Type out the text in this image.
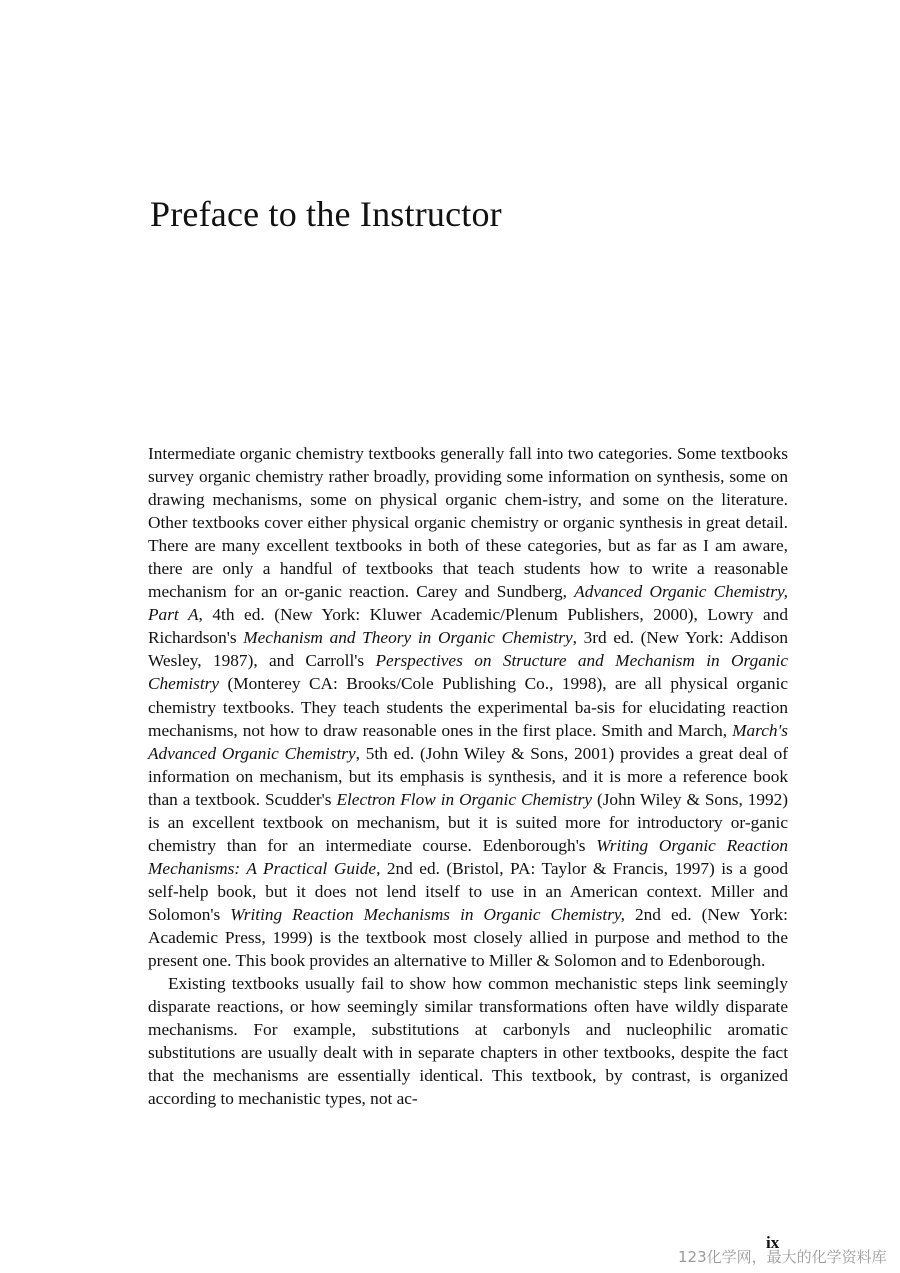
Preface to the Instructor

Intermediate organic chemistry textbooks generally fall into two categories. Some textbooks survey organic chemistry rather broadly, providing some information on synthesis, some on drawing mechanisms, some on physical organic chem-istry, and some on the literature. Other textbooks cover either physical organic chemistry or organic synthesis in great detail. There are many excellent textbooks in both of these categories, but as far as I am aware, there are only a handful of textbooks that teach students how to write a reasonable mechanism for an or-ganic reaction. Carey and Sundberg, Advanced Organic Chemistry, Part A, 4th ed. (New York: Kluwer Academic/Plenum Publishers, 2000), Lowry and Richardson's Mechanism and Theory in Organic Chemistry, 3rd ed. (New York: Addison Wesley, 1987), and Carroll's Perspectives on Structure and Mechanism in Organic Chemistry (Monterey CA: Brooks/Cole Publishing Co., 1998), are all physical organic chemistry textbooks. They teach students the experimental ba-sis for elucidating reaction mechanisms, not how to draw reasonable ones in the first place. Smith and March, March's Advanced Organic Chemistry, 5th ed. (John Wiley & Sons, 2001) provides a great deal of information on mechanism, but its emphasis is synthesis, and it is more a reference book than a textbook. Scudder's Electron Flow in Organic Chemistry (John Wiley & Sons, 1992) is an excellent textbook on mechanism, but it is suited more for introductory or-ganic chemistry than for an intermediate course. Edenborough's Writing Organic Reaction Mechanisms: A Practical Guide, 2nd ed. (Bristol, PA: Taylor & Francis, 1997) is a good self-help book, but it does not lend itself to use in an American context. Miller and Solomon's Writing Reaction Mechanisms in Organic Chemistry, 2nd ed. (New York: Academic Press, 1999) is the textbook most closely allied in purpose and method to the present one. This book provides an alternative to Miller & Solomon and to Edenborough.

Existing textbooks usually fail to show how common mechanistic steps link seemingly disparate reactions, or how seemingly similar transformations often have wildly disparate mechanisms. For example, substitutions at carbonyls and nucleophilic aromatic substitutions are usually dealt with in separate chapters in other textbooks, despite the fact that the mechanisms are essentially identical. This textbook, by contrast, is organized according to mechanistic types, not ac-

ix
123化学网，最大的化学资料库
